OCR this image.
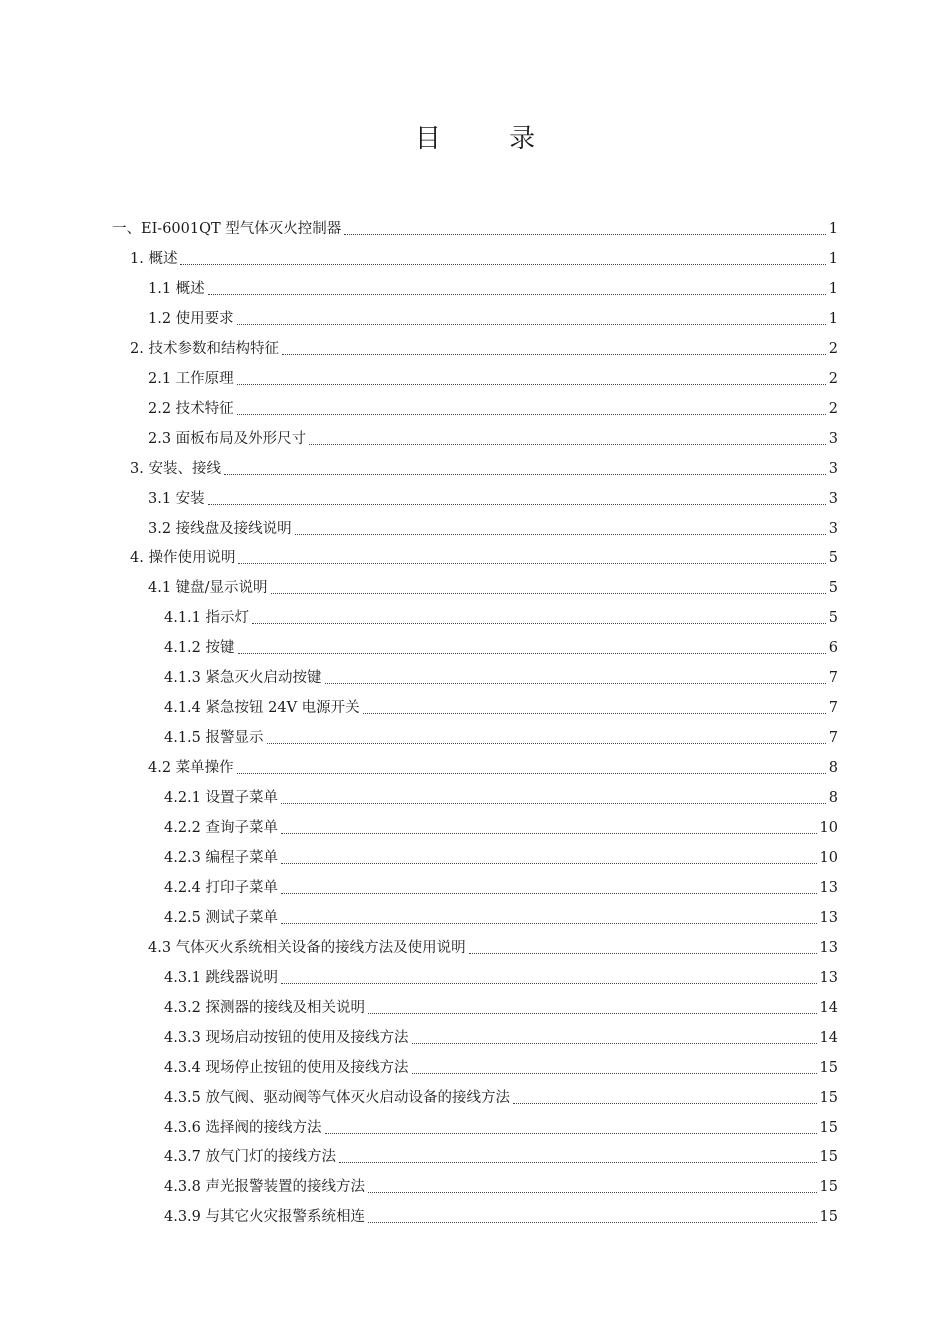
目 录
一、EI-6001QT 型气体灭火控制器	1
1. 概述	1
1.1 概述	1
1.2 使用要求	1
2. 技术参数和结构特征	2
2.1 工作原理	2
2.2 技术特征	2
2.3 面板布局及外形尺寸	3
3. 安装、接线	3
3.1 安装	3
3.2 接线盘及接线说明	3
4. 操作使用说明	5
4.1 键盘/显示说明	5
4.1.1 指示灯	5
4.1.2 按键	6
4.1.3 紧急灭火启动按键	7
4.1.4 紧急按钮 24V 电源开关	7
4.1.5 报警显示	7
4.2 菜单操作	8
4.2.1 设置子菜单	8
4.2.2 查询子菜单	10
4.2.3 编程子菜单	10
4.2.4 打印子菜单	13
4.2.5 测试子菜单	13
4.3 气体灭火系统相关设备的接线方法及使用说明	13
4.3.1 跳线器说明	13
4.3.2 探测器的接线及相关说明	14
4.3.3 现场启动按钮的使用及接线方法	14
4.3.4 现场停止按钮的使用及接线方法	15
4.3.5 放气阀、驱动阀等气体灭火启动设备的接线方法	15
4.3.6 选择阀的接线方法	15
4.3.7 放气门灯的接线方法	15
4.3.8 声光报警装置的接线方法	15
4.3.9 与其它火灾报警系统相连	15
